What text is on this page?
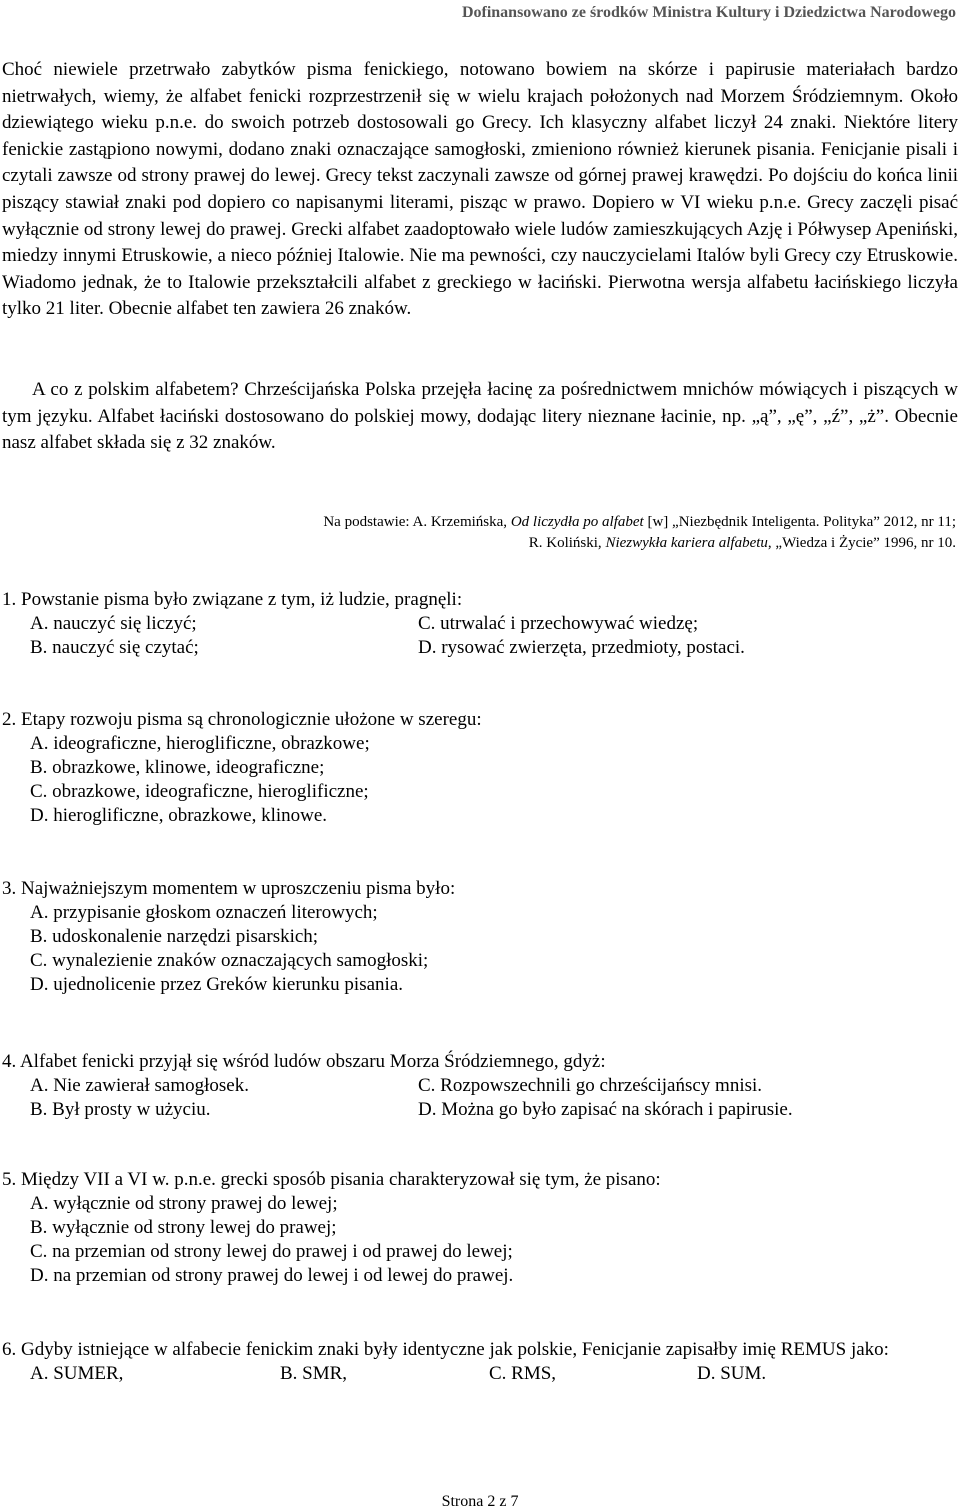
Dofinansowano ze środków Ministra Kultury i Dziedzictwa Narodowego
Choć niewiele przetrwało zabytków pisma fenickiego, notowano bowiem na skórze i papirusie materiałach bardzo nietrwałych, wiemy, że alfabet fenicki rozprzestrzenił się w wielu krajach położonych nad Morzem Śródziemnym. Około dziewiątego wieku p.n.e. do swoich potrzeb dostosowali go Grecy. Ich klasyczny alfabet liczył 24 znaki. Niektóre litery fenickie zastąpiono nowymi, dodano znaki oznaczające samogłoski, zmieniono również kierunek pisania. Fenicjanie pisali i czytali zawsze od strony prawej do lewej. Grecy tekst zaczynali zawsze od górnej prawej krawędzi. Po dojściu do końca linii piszący stawiał znaki pod dopiero co napisanymi literami, pisząc w prawo. Dopiero w VI wieku p.n.e. Grecy zaczęli pisać wyłącznie od strony lewej do prawej. Grecki alfabet zaadoptowało wiele ludów zamieszkujących Azję i Półwysep Apeniński, miedzy innymi Etruskowie, a nieco później Italowie. Nie ma pewności, czy nauczycielami Italów byli Grecy czy Etruskowie. Wiadomo jednak, że to Italowie przekształcili alfabet z greckiego w łaciński. Pierwotna wersja alfabetu łacińskiego liczyła tylko 21 liter. Obecnie alfabet ten zawiera 26 znaków.
A co z polskim alfabetem? Chrześcijańska Polska przejęła łacinę za pośrednictwem mnichów mówiących i piszących w tym języku. Alfabet łaciński dostosowano do polskiej mowy, dodając litery nieznane łacinie, np. „ą”, „ę”, „ź”, „ż”. Obecnie nasz alfabet składa się z 32 znaków.
Na podstawie: A. Krzemińska, Od liczydła po alfabet [w] „Niezbędnik Inteligenta. Polityka” 2012, nr 11;
R. Koliński, Niezwykła kariera alfabetu, „Wiedza i Życie” 1996, nr 10.

1. Powstanie pisma było związane z tym, iż ludzie, pragnęli:

A. nauczyć się liczyć;	C. utrwalać i przechowywać wiedzę;
B. nauczyć się czytać;	D. rysować zwierzęta, przedmioty, postaci.

2. Etapy rozwoju pisma są chronologicznie ułożone w szeregu:

A. ideograficzne, hieroglificzne, obrazkowe;
B. obrazkowe, klinowe, ideograficzne;
C. obrazkowe, ideograficzne, hieroglificzne;
D. hieroglificzne, obrazkowe, klinowe.

3. Najważniejszym momentem w uproszczeniu pisma było:

A. przypisanie głoskom oznaczeń literowych;
B. udoskonalenie narzędzi pisarskich;
C. wynalezienie znaków oznaczających samogłoski;
D. ujednolicenie przez Greków kierunku pisania.

4. Alfabet fenicki przyjął się wśród ludów obszaru Morza Śródziemnego, gdyż:

A. Nie zawierał samogłosek.	C. Rozpowszechnili go chrześcijańscy mnisi.
B. Był prosty w użyciu.	D. Można go było zapisać na skórach i papirusie.

5. Między VII a VI w. p.n.e. grecki sposób pisania charakteryzował się tym, że pisano:

A. wyłącznie od strony prawej do lewej;
B. wyłącznie od strony lewej do prawej;
C. na przemian od strony lewej do prawej i od prawej do lewej;
D. na przemian od strony prawej do lewej i od lewej do prawej.

6. Gdyby istniejące w alfabecie fenickim znaki były identyczne jak polskie, Fenicjanie zapisałby imię REMUS jako:

A. SUMER,	B. SMR,	C. RMS,	D. SUM.
Strona 2 z 7
